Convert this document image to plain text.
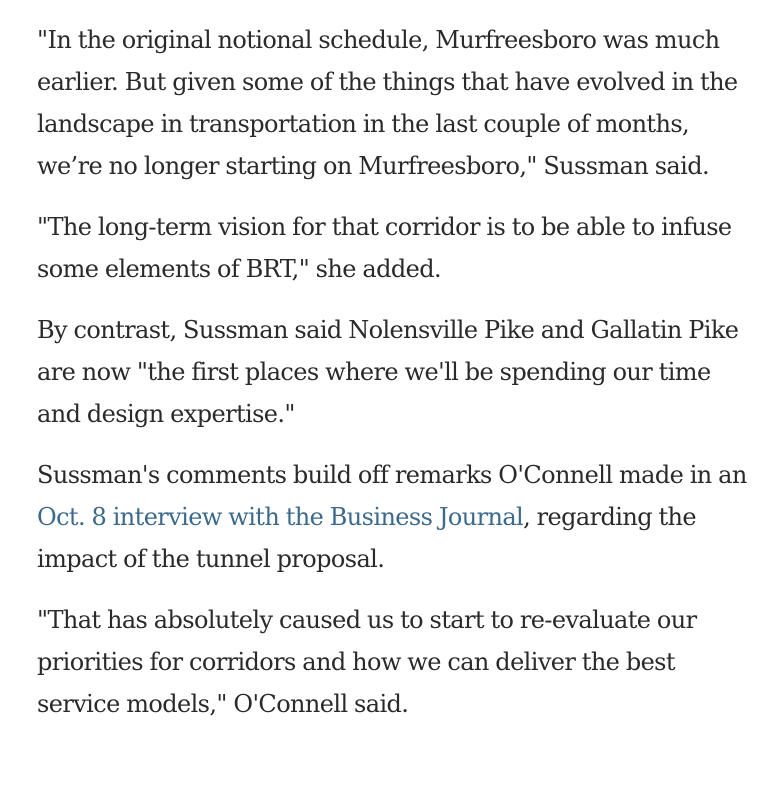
"In the original notional schedule, Murfreesboro was much earlier. But given some of the things that have evolved in the landscape in transportation in the last couple of months, we’re no longer starting on Murfreesboro," Sussman said.

"The long-term vision for that corridor is to be able to infuse some elements of BRT," she added.

By contrast, Sussman said Nolensville Pike and Gallatin Pike are now "the first places where we'll be spending our time and design expertise."

Sussman's comments build off remarks O'Connell made in an Oct. 8 interview with the Business Journal, regarding the impact of the tunnel proposal.

"That has absolutely caused us to start to re-evaluate our priorities for corridors and how we can deliver the best service models," O'Connell said.
